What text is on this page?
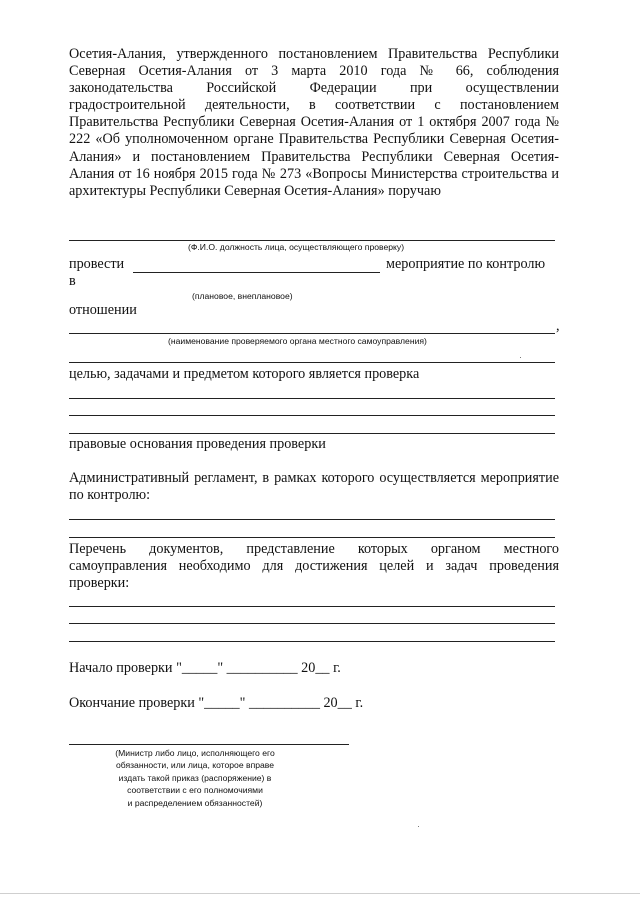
Осетия-Алания, утвержденного постановлением Правительства Республики Северная Осетия-Алания от 3 марта 2010 года № 66, соблюдения законодательства Российской Федерации при осуществлении градостроительной деятельности, в соответствии с постановлением Правительства Республики Северная Осетия-Алания от 1 октября 2007 года № 222 «Об уполномоченном органе Правительства Республики Северная Осетия-Алания» и постановлением Правительства Республики Северная Осетия-Алания от 16 ноября 2015 года № 273 «Вопросы Министерства строительства и архитектуры Республики Северная Осетия-Алания» поручаю

(Ф.И.О. должность лица, осуществляющего проверку)
провести	мероприятие по контролю
в
(плановое, внеплановое)
отношении
,
(наименование проверяемого органа местного самоуправления)
целью, задачами и предметом которого является проверка
правовые основания проведения проверки

Административный регламент, в рамках которого осуществляется мероприятие по контролю:

Перечень документов, представление которых органом местного самоуправления необходимо для достижения целей и задач проведения проверки:

Начало проверки "_____" __________ 20__ г.
Окончание проверки "_____" __________ 20__ г.
(Министр либо лицо, исполняющего его
обязанности, или лица, которое вправе
издать такой приказ (распоряжение) в
соответствии с его полномочиями
и распределением обязанностей)
